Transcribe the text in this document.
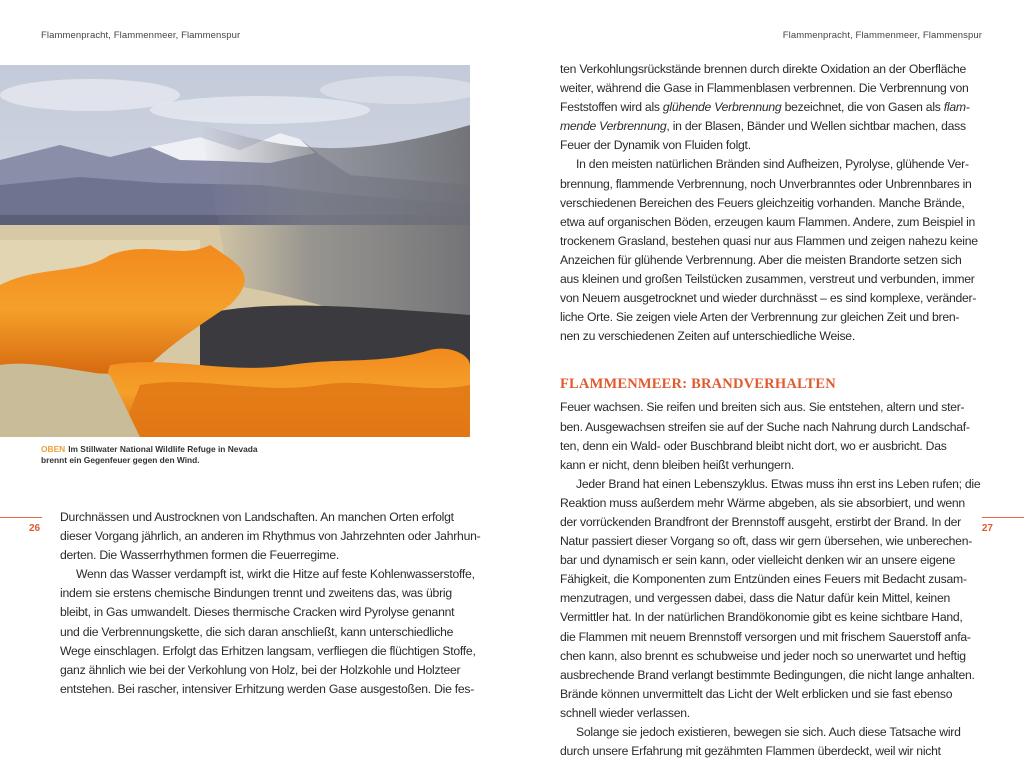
Flammenpracht, Flammenmeer, Flammenspur
OBEN Im Stillwater National Wildlife Refuge in Nevada brennt ein Gegenfeuer gegen den Wind.
26

Durchnässen und Austrocknen von Landschaften. An manchen Orten erfolgt
dieser Vorgang jährlich, an anderen im Rhythmus von Jahrzehnten oder Jahrhun-
derten. Die Wasserrhythmen formen die Feuerregime.

Wenn das Wasser verdampft ist, wirkt die Hitze auf feste Kohlenwasserstoffe,
indem sie erstens chemische Bindungen trennt und zweitens das, was übrig
bleibt, in Gas umwandelt. Dieses thermische Cracken wird Pyrolyse genannt
und die Verbrennungskette, die sich daran anschließt, kann unterschiedliche
Wege einschlagen. Erfolgt das Erhitzen langsam, verfliegen die flüchtigen Stoffe,
ganz ähnlich wie bei der Verkohlung von Holz, bei der Holzkohle und Holzteer
entstehen. Bei rascher, intensiver Erhitzung werden Gase ausgestoßen. Die fes-

Flammenpracht, Flammenmeer, Flammenspur

ten Verkohlungsrückstände brennen durch direkte Oxidation an der Oberfläche
weiter, während die Gase in Flammenblasen verbrennen. Die Verbrennung von
Feststoffen wird als glühende Verbrennung bezeichnet, die von Gasen als flam-
mende Verbrennung, in der Blasen, Bänder und Wellen sichtbar machen, dass
Feuer der Dynamik von Fluiden folgt.

In den meisten natürlichen Bränden sind Aufheizen, Pyrolyse, glühende Ver-
brennung, flammende Verbrennung, noch Unverbranntes oder Unbrennbares in
verschiedenen Bereichen des Feuers gleichzeitig vorhanden. Manche Brände,
etwa auf organischen Böden, erzeugen kaum Flammen. Andere, zum Beispiel in
trockenem Grasland, bestehen quasi nur aus Flammen und zeigen nahezu keine
Anzeichen für glühende Verbrennung. Aber die meisten Brandorte setzen sich
aus kleinen und großen Teilstücken zusammen, verstreut und verbunden, immer
von Neuem ausgetrocknet und wieder durchnässt – es sind komplexe, veränder-
liche Orte. Sie zeigen viele Arten der Verbrennung zur gleichen Zeit und bren-
nen zu verschiedenen Zeiten auf unterschiedliche Weise.

FLAMMENMEER: BRANDVERHALTEN

Feuer wachsen. Sie reifen und breiten sich aus. Sie entstehen, altern und ster-
ben. Ausgewachsen streifen sie auf der Suche nach Nahrung durch Landschaf-
ten, denn ein Wald- oder Buschbrand bleibt nicht dort, wo er ausbricht. Das
kann er nicht, denn bleiben heißt verhungern.

Jeder Brand hat einen Lebenszyklus. Etwas muss ihn erst ins Leben rufen; die
Reaktion muss außerdem mehr Wärme abgeben, als sie absorbiert, und wenn
der vorrückenden Brandfront der Brennstoff ausgeht, erstirbt der Brand. In der
Natur passiert dieser Vorgang so oft, dass wir gern übersehen, wie unberechen-
bar und dynamisch er sein kann, oder vielleicht denken wir an unsere eigene
Fähigkeit, die Komponenten zum Entzünden eines Feuers mit Bedacht zusam-
menzutragen, und vergessen dabei, dass die Natur dafür kein Mittel, keinen
Vermittler hat. In der natürlichen Brandökonomie gibt es keine sichtbare Hand,
die Flammen mit neuem Brennstoff versorgen und mit frischem Sauerstoff anfa-
chen kann, also brennt es schubweise und jeder noch so unerwartet und heftig
ausbrechende Brand verlangt bestimmte Bedingungen, die nicht lange anhalten.
Brände können unvermittelt das Licht der Welt erblicken und sie fast ebenso
schnell wieder verlassen.

Solange sie jedoch existieren, bewegen sie sich. Auch diese Tatsache wird
durch unsere Erfahrung mit gezähmten Flammen überdeckt, weil wir nicht

27
